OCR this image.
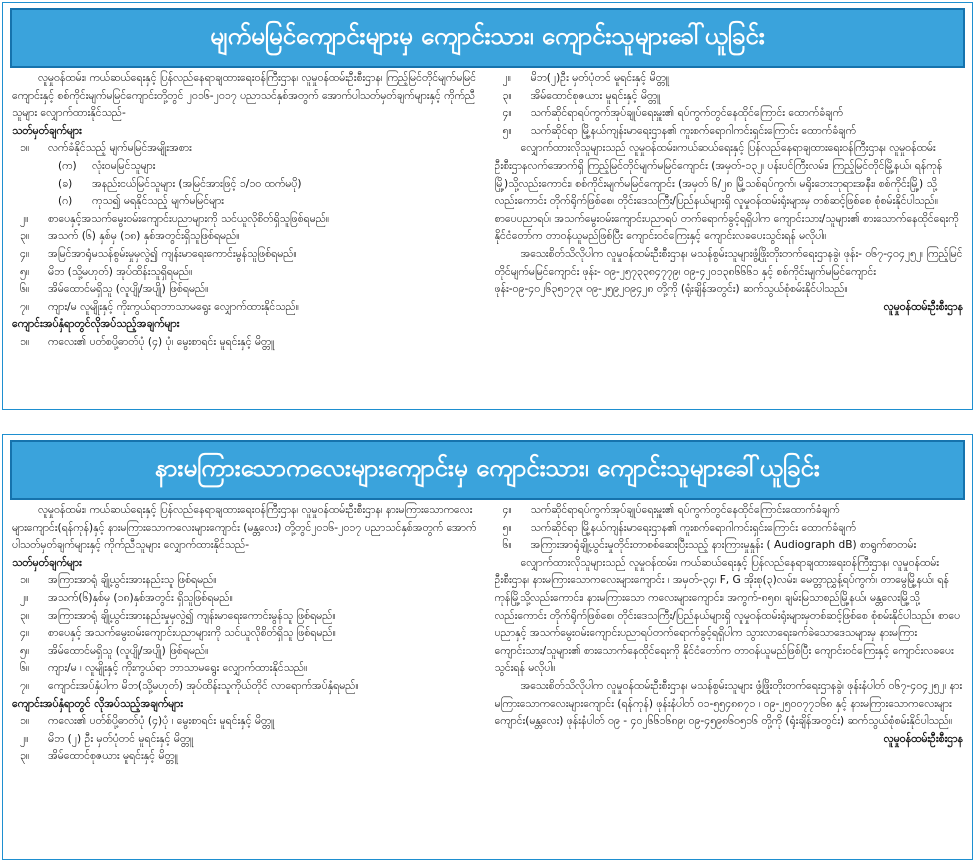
မျက်မမြင်ကျောင်းများမှ ကျောင်းသား၊ ကျောင်းသူများခေါ်ယူခြင်း

လူမှုဝန်ထမ်း၊ ကယ်ဆယ်ရေးနှင့် ပြန်လည်နေရာချထားရေးဝန်ကြီးဌာန၊ လူမှုဝန်ထမ်းဦးစီးဌာန၊ ကြည့်မြင်တိုင်မျက်မမြင်ကျောင်းနှင့် စစ်ကိုင်းမျက်မမြင်ကျောင်းတို့တွင် ၂၀၁၆-၂၀၁၇ ပညာသင်နှစ်အတွက် အောက်ပါသတ်မှတ်ချက်များနှင့် ကိုက်ညီသူများ လျှောက်ထားနိုင်သည်-

သတ်မှတ်ချက်များ

၁။ လက်ခံနိုင်သည့် မျက်မမြင်အမျိုးအစား

(က) လုံးဝမမြင်သူများ

(ခ) အနည်းငယ်မြင်သူများ (အမြင်အားဖြင့် ၁/၁၀ ထက်မပို)

(ဂ) ကုသ၍ မရနိုင်သည့် မျက်မမြင်များ

၂။ စာပေနှင့်အသက်မွေးဝမ်းကျောင်းပညာများကို သင်ယူလိုစိတ်ရှိသူဖြစ်ရမည်။

၃။ အသက် (၆) နှစ်မှ (၁၈) နှစ်အတွင်းရှိသူဖြစ်ရမည်။

၄။ အမြင်အာရုံမသန်စွမ်းမှုမှလွဲ၍ ကျန်းမာရေးကောင်းမွန်သူဖြစ်ရမည်။

၅။ မိဘ (သို့မဟုတ်) အုပ်ထိန်းသူရှိရမည်။

၆။ အိမ်ထောင်မရှိသူ (လူပျို/အပျို) ဖြစ်ရမည်။

၇။ ကျား/မ လူမျိုးနှင့် ကိုးကွယ်ရာဘာသာမရွေး လျှောက်ထားနိုင်သည်။

ကျောင်းအပ်နှံရာတွင်လိုအပ်သည့်အချက်များ

၁။ ကလေး၏ ပတ်စပို့ဓာတ်ပုံ (၄) ပုံ၊ မွေးစာရင်း မူရင်းနှင့် မိတ္တူ

၂။ မိဘ(၂)ဦး မှတ်ပုံတင် မူရင်းနှင့် မိတ္တူ

၃။ အိမ်ထောင်စုဇယား မူရင်းနှင့် မိတ္တူ

၄။ သက်ဆိုင်ရာရပ်ကွက်အုပ်ချုပ်ရေးမှူး၏ ရပ်ကွက်တွင်နေထိုင်ကြောင်း ထောက်ခံချက်

၅။ သက်ဆိုင်ရာ မြို့နယ်ကျန်းမာရေးဌာန၏ ကူးစက်ရောဂါကင်းရှင်းကြောင်း ထောက်ခံချက်

လျှောက်ထားလိုသူများသည် လူမှုဝန်ထမ်း၊ကယ်ဆယ်ရေးနှင့် ပြန်လည်နေရာချထားရေးဝန်ကြီးဌာန၊ လူမှုဝန်ထမ်းဦးစီးဌာနလက်အောက်ရှိ ကြည့်မြင်တိုင်မျက်မမြင်ကျောင်း (အမှတ်-၁၃၂၊ ပန်းပင်ကြီးလမ်း၊ ကြည့်မြင်တိုင်မြို့နယ်၊ ရန်ကုန်မြို့)သို့လည်းကောင်း၊ စစ်ကိုင်းမျက်မမြင်ကျောင်း (အမှတ် ၆/၂၈ မြို့သစ်ရပ်ကွက်၊ မရိုးဘေးဘုရားအနီး၊ စစ်ကိုင်းမြို့) သို့လည်းကောင်း တိုက်ရိုက်ဖြစ်စေ၊ တိုင်းဒေသကြီး/ပြည်နယ်များရှိ လူမှုဝန်ထမ်းရုံးများမှ တစ်ဆင့်ဖြစ်စေ စုံစမ်းနိုင်ပါသည်။ စာပေပညာရပ်၊ အသက်မွေးဝမ်းကျောင်းပညာရပ် တက်ရောက်ခွင့်ရရှိပါက ကျောင်းသား/သူများ၏ စားသောက်နေထိုင်ရေးကို နိုင်ငံတော်က တာဝန်ယူမည်ဖြစ်ပြီး ကျောင်းဝင်ကြေးနှင့် ကျောင်းလခပေးသွင်းရန် မလိုပါ။

အသေးစိတ်သိလိုပါက လူမှုဝန်ထမ်းဦးစီးဌာန၊ မသန်စွမ်းသူများဖွံ့ဖြိုးတိုးတက်ရေးဌာနခွဲ၊ ဖုန်း- ၀၆၇-၄၀၄၂၅၂၊ ကြည့်မြင်တိုင်မျက်မမြင်ကျောင်း ဖုန်း- ၀၉-၂၅၇၃၃၈၄၇၇၉၊ ၀၉-၄၂၀၁၃၈၆၆၆၁ နှင့် စစ်ကိုင်းမျက်မမြင်ကျောင်း ဖုန်း-၀၉-၄၀၂၆၃၅၁၇၃၊ ၀၉-၂၅၉၂၀၉၄၂၈ တို့ကို (ရုံးချိန်အတွင်း) ဆက်သွယ်စုံစမ်းနိုင်ပါသည်။

လူမှုဝန်ထမ်းဦးစီးဌာန

နားမကြားသောကလေးများကျောင်းမှ ကျောင်းသား၊ ကျောင်းသူများခေါ်ယူခြင်း

လူမှုဝန်ထမ်း၊ ကယ်ဆယ်ရေးနှင့် ပြန်လည်နေရာချထားရေးဝန်ကြီးဌာန၊ လူမှုဝန်ထမ်းဦးစီးဌာန၊ နားမကြားသောကလေးများကျောင်း(ရန်ကုန်)နှင့် နားမကြားသောကလေးများကျောင်း (မန္တလေး) တို့တွင်၂၀၁၆-၂၀၁၇ ပညာသင်နှစ်အတွက် အောက်ပါသတ်မှတ်ချက်များနှင့် ကိုက်ညီသူများ လျှောက်ထားနိုင်သည်-

သတ်မှတ်ချက်များ

၁။ အကြားအာရုံ ချို့ယွင်းအားနည်းသူ ဖြစ်ရမည်။

၂။ အသက်(၆)နှစ်မှ (၁၈)နှစ်အတွင်း ရှိသူဖြစ်ရမည်။

၃။ အကြားအာရုံ ချို့ယွင်းအားနည်းမှုမှလွဲ၍ ကျန်းမာရေးကောင်းမွန်သူ ဖြစ်ရမည်။

၄။ စာပေနှင့် အသက်မွေးဝမ်းကျောင်းပညာများကို သင်ယူလိုစိတ်ရှိသူ ဖြစ်ရမည်။

၅။ အိမ်ထောင်မရှိသူ (လူပျို/အပျို) ဖြစ်ရမည်။

၆။ ကျား/မ ၊ လူမျိုးနှင့် ကိုးကွယ်ရာ ဘာသာမရွေး လျှောက်ထားနိုင်သည်။

၇။ ကျောင်းအပ်နှံပါက မိဘ(သို့မဟုတ်) အုပ်ထိန်းသူကိုယ်တိုင် လာရောက်အပ်နှံရမည်။

ကျောင်းအပ်နှံရာတွင် လိုအပ်သည့်အချက်များ

၁။ ကလေး၏ ပတ်စ်ပို့ဓာတ်ပုံ (၄)ပုံ ၊ မွေးစာရင်း မူရင်းနှင့် မိတ္တူ

၂။ မိဘ (၂) ဦး မှတ်ပုံတင် မူရင်းနှင့် မိတ္တူ

၃။ အိမ်ထောင်စုဇယား မူရင်းနှင့် မိတ္တူ

၄။ သက်ဆိုင်ရာရပ်ကွက်အုပ်ချုပ်ရေးမှူး၏ ရပ်ကွက်တွင်နေထိုင်ကြောင်းထောက်ခံချက်

၅။ သက်ဆိုင်ရာ မြို့နယ်ကျန်းမာရေးဌာန၏ ကူးစက်ရောဂါကင်းရှင်းကြောင်း ထောက်ခံချက်

၆။ အကြားအာရုံချို့ယွင်းမှုတိုင်းတာစစ်ဆေးပြီးသည့် နားကြားမှုနှုန်း ( Audiograph dB) စာရွက်စာတမ်း

လျှောက်ထားလိုသူများသည် လူမှုဝန်ထမ်း၊ ကယ်ဆယ်ရေးနှင့် ပြန်လည်နေရာချထားရေးဝန်ကြီးဌာန၊ လူမှုဝန်ထမ်းဦးစီးဌာန၊ နားမကြားသောကလေးများကျောင်း ၊ အမှတ်-၃၄၊ F, G အိုးစု(၃)လမ်း၊ မေတ္တာညွှန့်ရပ်ကွက်၊ တာမွေမြို့နယ်၊ ရန်ကုန်မြို့သို့လည်းကောင်း၊ နားမကြားသော ကလေးများကျောင်း၊ အကွက်-၈၅၈၊ ချမ်းမြသာစည်မြို့နယ်၊ မန္တလေးမြို့သို့လည်းကောင်း တိုက်ရိုက်ဖြစ်စေ၊ တိုင်းဒေသကြီး/ပြည်နယ်များရှိ လူမှုဝန်ထမ်းရုံးများမှတစ်ဆင့်ဖြစ်စေ စုံစမ်းနိုင်ပါသည်။ စာပေပညာနှင့် အသက်မွေးဝမ်းကျောင်းပညာရပ်တက်ရောက်ခွင့်ရရှိပါက သွားလာရေးခက်ခဲသောဒေသများမှ နားမကြားကျောင်းသား/သူများ၏ စားသောက်နေထိုင်ရေးကို နိုင်ငံတော်က တာဝန်ယူမည်ဖြစ်ပြီး ကျောင်းဝင်ကြေးနှင့် ကျောင်းလခပေးသွင်းရန် မလိုပါ။

အသေးစိတ်သိလိုပါက လူမှုဝန်ထမ်းဦးစီးဌာန၊ မသန်စွမ်းသူများ ဖွံ့ဖြိုးတိုးတက်ရေးဌာနခွဲ၊ ဖုန်းနံပါတ် ၀၆၇-၄၀၄၂၅၂၊ နားမကြားသောကလေးများကျောင်း (ရန်ကုန်) ဖုန်းနံပါတ် ၀၁-၅၅၄၈၈၇၁ ၊ ၀၉-၂၅၀၀၇၇၁၆၈ နှင့် နားမကြားသောကလေးများကျောင်း(မန္တလေး) ဖုန်းနံပါတ် ၀၉ - ၄၀၂၆၆၁၆၈၉၊ ၀၉-၄၅၉၈၆၀၅၁၆ တို့ကို (ရုံးချိန်အတွင်း) ဆက်သွယ်စုံစမ်းနိုင်ပါသည်။

လူမှုဝန်ထမ်းဦးစီးဌာန
